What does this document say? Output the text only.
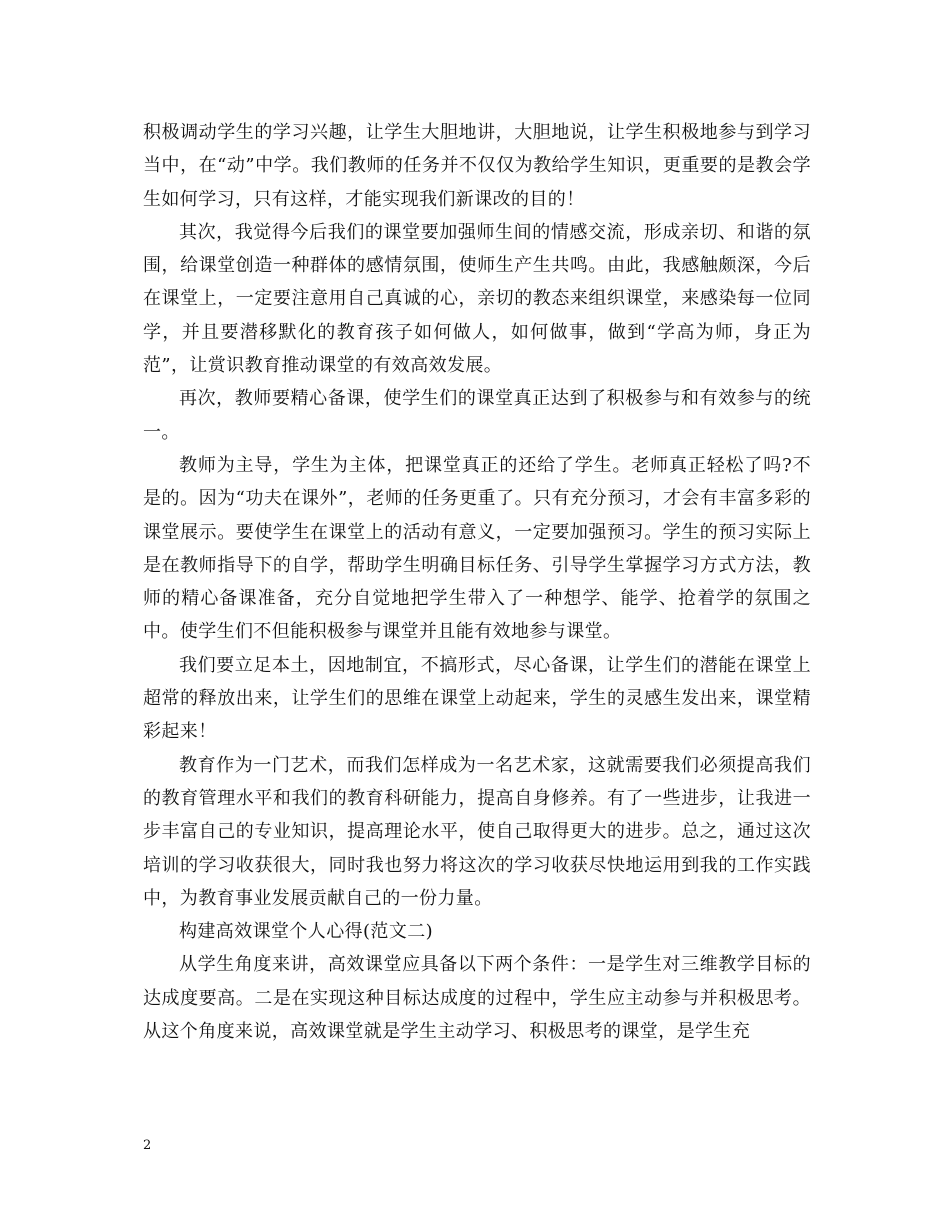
积极调动学生的学习兴趣，让学生大胆地讲，大胆地说，让学生积极地参与到学习当中，在“动”中学。我们教师的任务并不仅仅为教给学生知识，更重要的是教会学生如何学习，只有这样，才能实现我们新课改的目的！

其次，我觉得今后我们的课堂要加强师生间的情感交流，形成亲切、和谐的氛围，给课堂创造一种群体的感情氛围，使师生产生共鸣。由此，我感触颇深，今后在课堂上，一定要注意用自己真诚的心，亲切的教态来组织课堂，来感染每一位同学，并且要潜移默化的教育孩子如何做人，如何做事，做到“学高为师，身正为范”，让赏识教育推动课堂的有效高效发展。

再次，教师要精心备课，使学生们的课堂真正达到了积极参与和有效参与的统一。

教师为主导，学生为主体，把课堂真正的还给了学生。老师真正轻松了吗?不是的。因为“功夫在课外”，老师的任务更重了。只有充分预习，才会有丰富多彩的课堂展示。要使学生在课堂上的活动有意义，一定要加强预习。学生的预习实际上是在教师指导下的自学，帮助学生明确目标任务、引导学生掌握学习方式方法，教师的精心备课准备，充分自觉地把学生带入了一种想学、能学、抢着学的氛围之中。使学生们不但能积极参与课堂并且能有效地参与课堂。

我们要立足本土，因地制宜，不搞形式，尽心备课，让学生们的潜能在课堂上超常的释放出来，让学生们的思维在课堂上动起来，学生的灵感生发出来，课堂精彩起来！

教育作为一门艺术，而我们怎样成为一名艺术家，这就需要我们必须提高我们的教育管理水平和我们的教育科研能力，提高自身修养。有了一些进步，让我进一步丰富自己的专业知识，提高理论水平，使自己取得更大的进步。总之，通过这次培训的学习收获很大，同时我也努力将这次的学习收获尽快地运用到我的工作实践中，为教育事业发展贡献自己的一份力量。

构建高效课堂个人心得(范文二)

从学生角度来讲，高效课堂应具备以下两个条件：一是学生对三维教学目标的达成度要高。二是在实现这种目标达成度的过程中，学生应主动参与并积极思考。从这个角度来说，高效课堂就是学生主动学习、积极思考的课堂，是学生充

2
